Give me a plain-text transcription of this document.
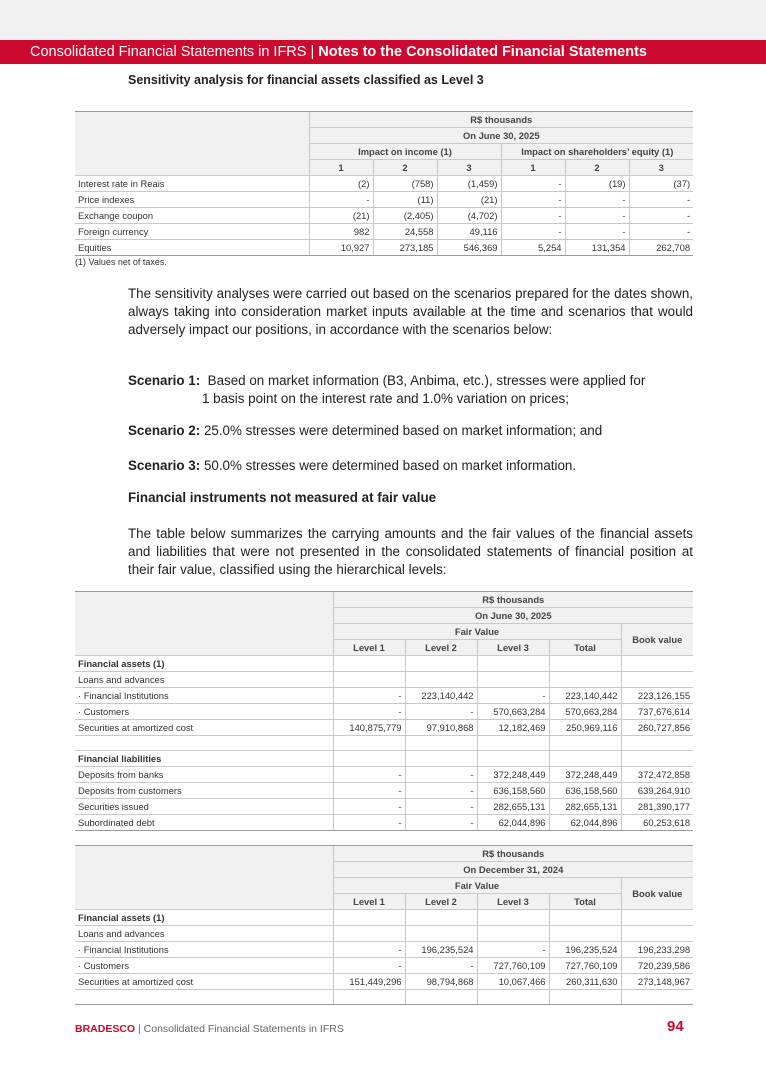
Consolidated Financial Statements in IFRS | Notes to the Consolidated Financial Statements
Sensitivity analysis for financial assets classified as Level 3
	R$ thousands					
	On June 30, 2025					
	Impact on income (1)			Impact on shareholders’ equity (1)		
	1	2	3	1	2	3
Interest rate in Reais	(2)	(758)	(1,459)	-	(19)	(37)
Price indexes	-	(11)	(21)	-	-	-
Exchange coupon	(21)	(2,405)	(4,702)	-	-	-
Foreign currency	982	24,558	49,116	-	-	-
Equities	10,927	273,185	546,369	5,254	131,354	262,708
(1) Values net of taxes.
The sensitivity analyses were carried out based on the scenarios prepared for the dates shown, always taking into consideration market inputs available at the time and scenarios that would adversely impact our positions, in accordance with the scenarios below:
Scenario 1: Based on market information (B3, Anbima, etc.), stresses were applied for
1 basis point on the interest rate and 1.0% variation on prices;
Scenario 2: 25.0% stresses were determined based on market information; and
Scenario 3: 50.0% stresses were determined based on market information.
Financial instruments not measured at fair value
The table below summarizes the carrying amounts and the fair values of the financial assets and liabilities that were not presented in the consolidated statements of financial position at their fair value, classified using the hierarchical levels:
	R$ thousands				
	On June 30, 2025				
	Fair Value				Book value
	Level 1	Level 2	Level 3	Total	
Financial assets (1)					
Loans and advances					
· Financial Institutions	-	223,140,442	-	223,140,442	223,126,155
· Customers	-	-	570,663,284	570,663,284	737,676,614
Securities at amortized cost	140,875,779	97,910,868	12,182,469	250,969,116	260,727,856

Financial liabilities					
Deposits from banks	-	-	372,248,449	372,248,449	372,472,858
Deposits from customers	-	-	636,158,560	636,158,560	639,264,910
Securities issued	-	-	282,655,131	282,655,131	281,390,177
Subordinated debt	-	-	62,044,896	62,044,896	60,253,618
	R$ thousands				
	On December 31, 2024				
	Fair Value				Book value
	Level 1	Level 2	Level 3	Total	
Financial assets (1)					
Loans and advances					
· Financial Institutions	-	196,235,524	-	196,235,524	196,233,298
· Customers	-	-	727,760,109	727,760,109	720,239,586
Securities at amortized cost	151,449,296	98,794,868	10,067,466	260,311,630	273,148,967

BRADESCO | Consolidated Financial Statements in IFRS	94
